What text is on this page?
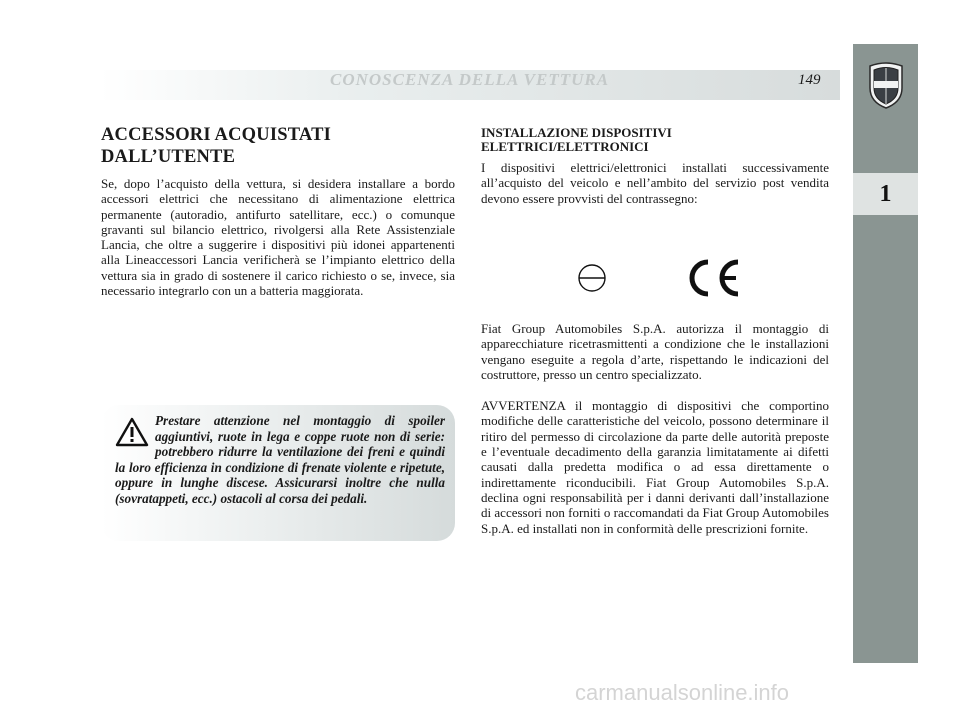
CONOSCENZA DELLA VETTURA	149
1
ACCESSORI ACQUISTATI
DALL’UTENTE

Se, dopo l’acquisto della vettura, si desidera installare a bordo accessori elettrici che necessitano di alimentazione elettrica permanente (autoradio, antifurto satellitare, ecc.) o comunque gravanti sul bilancio elettrico, rivolgersi alla Rete Assistenziale Lancia, che oltre a suggerire i dispositivi più idonei appartenenti alla Lineaccessori Lancia verificherà se l’impianto elettrico della vettura sia in grado di sostenere il carico richiesto o se, invece, sia necessario integrarlo con un a batteria maggiorata.

Prestare attenzione nel montaggio di spoiler aggiuntivi, ruote in lega e coppe ruote non di serie: potrebbero ridurre la ventilazione dei freni e quindi la loro efficienza in condizione di frenate violente e ripetute, oppure in lunghe discese. Assicurarsi inoltre che nulla (sovratappeti, ecc.) ostacoli al corsa dei pedali.
INSTALLAZIONE DISPOSITIVI
ELETTRICI/ELETTRONICI

I dispositivi elettrici/elettronici installati successivamente all’acquisto del veicolo e nell’ambito del servizio post vendita devono essere provvisti del contrassegno:

Fiat Group Automobiles S.p.A. autorizza il montaggio di apparecchiature ricetrasmittenti a condizione che le installazioni vengano eseguite a regola d’arte, rispettando le indicazioni del costruttore, presso un centro specializzato.

AVVERTENZA il montaggio di dispositivi che comportino modifiche delle caratteristiche del veicolo, possono determinare il ritiro del permesso di circolazione da parte delle autorità preposte e l’eventuale decadimento della garanzia limitatamente ai difetti causati dalla predetta modifica o ad essa direttamente o indirettamente riconducibili. Fiat Group Automobiles S.p.A. declina ogni responsabilità per i danni derivanti dall’installazione di accessori non forniti o raccomandati da Fiat Group Automobiles S.p.A. ed installati non in conformità delle prescrizioni fornite.

carmanualsonline.info
